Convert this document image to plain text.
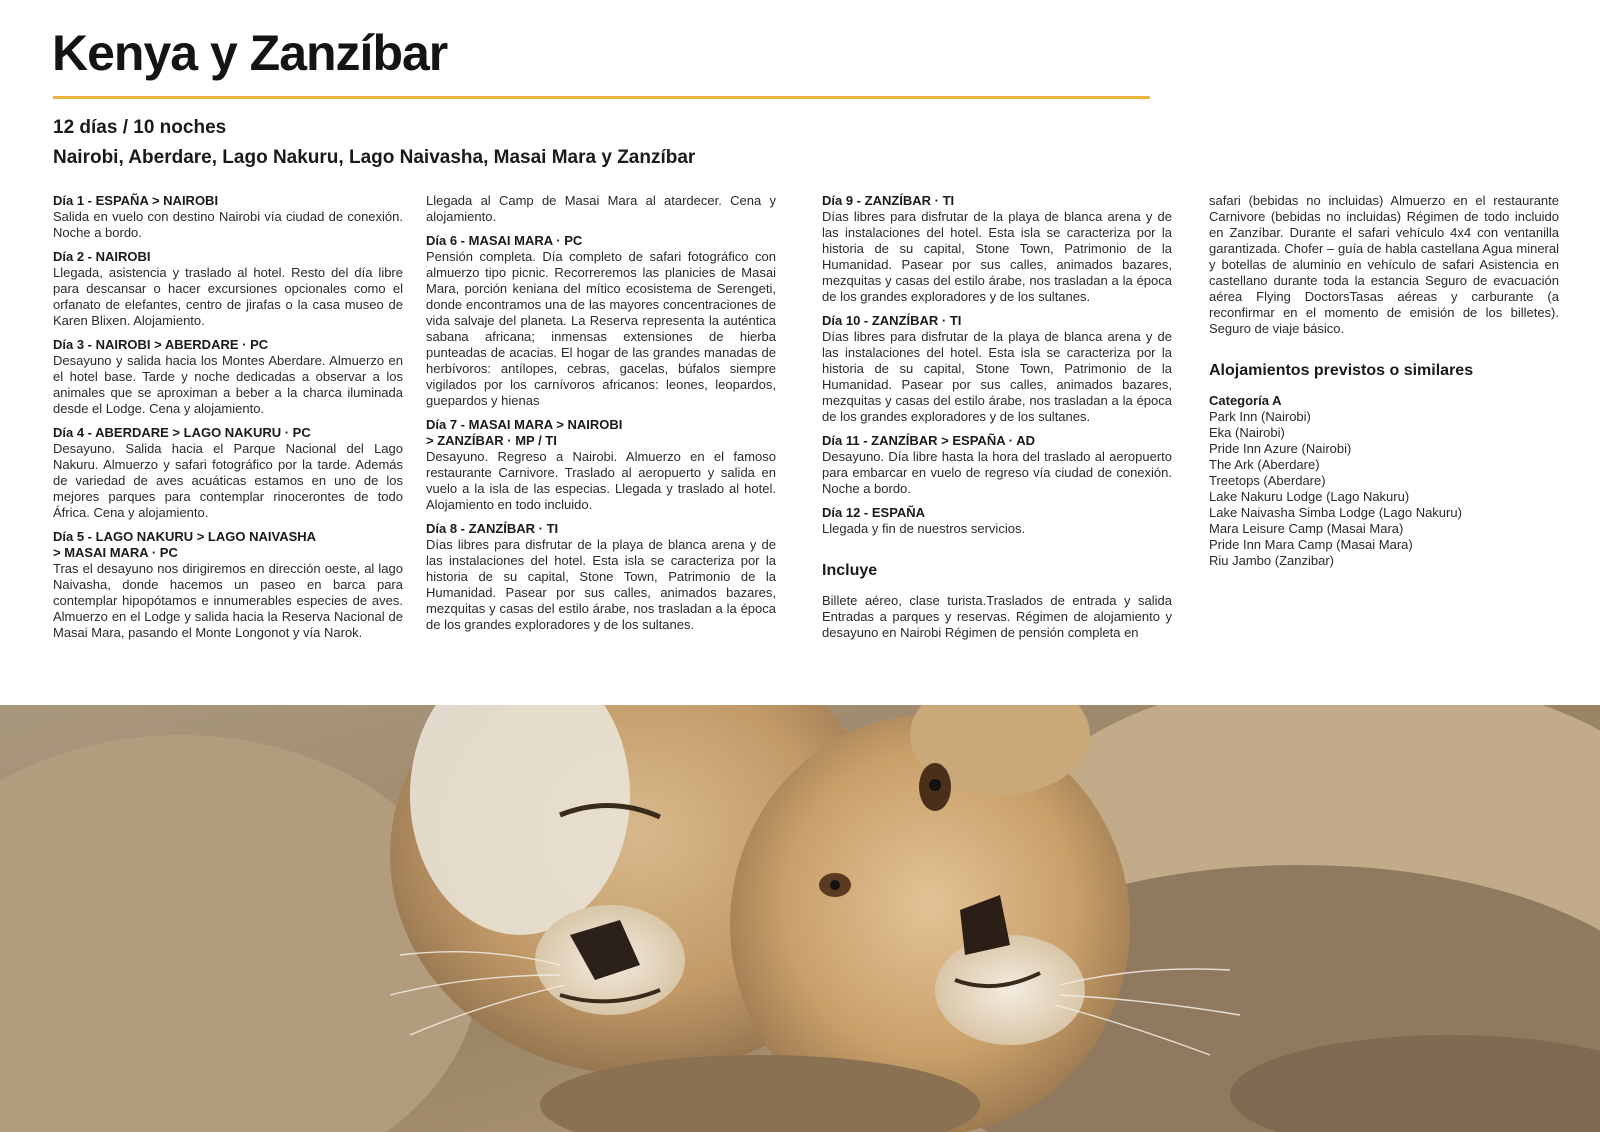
Kenya y Zanzíbar
12 días / 10 noches
Nairobi, Aberdare, Lago Nakuru, Lago Naivasha, Masai Mara y Zanzíbar
Día 1 - ESPAÑA > NAIROBI
Salida en vuelo con destino Nairobi vía ciudad de conexión. Noche a bordo.
Día 2 - NAIROBI
Llegada, asistencia y traslado al hotel. Resto del día libre para descansar o hacer excursiones opcionales como el orfanato de elefantes, centro de jirafas o la casa museo de Karen Blixen. Alojamiento.
Día 3 - NAIROBI > ABERDARE · PC
Desayuno y salida hacia los Montes Aberdare. Almuerzo en el hotel base. Tarde y noche dedicadas a observar a los animales que se aproximan a beber a la charca iluminada desde el Lodge. Cena y alojamiento.
Día 4 - ABERDARE > LAGO NAKURU · PC
Desayuno. Salida hacia el Parque Nacional del Lago Nakuru. Almuerzo y safari fotográfico por la tarde. Además de variedad de aves acuáticas estamos en uno de los mejores parques para contemplar rinocerontes de todo África. Cena y alojamiento.
Día 5 - LAGO NAKURU > LAGO NAIVASHA
> MASAI MARA · PC
Tras el desayuno nos dirigiremos en dirección oeste, al lago Naivasha, donde hacemos un paseo en barca para contemplar hipopótamos e innumerables especies de aves. Almuerzo en el Lodge y salida hacia la Reserva Nacional de Masai Mara, pasando el Monte Longonot y vía Narok.
Llegada al Camp de Masai Mara al atardecer. Cena y alojamiento.
Día 6 - MASAI MARA · PC
Pensión completa. Día completo de safari fotográfico con almuerzo tipo picnic. Recorreremos las planicies de Masai Mara, porción keniana del mítico ecosistema de Serengeti, donde encontramos una de las mayores concentraciones de vida salvaje del planeta. La Reserva representa la auténtica sabana africana; inmensas extensiones de hierba punteadas de acacias. El hogar de las grandes manadas de herbívoros: antílopes, cebras, gacelas, búfalos siempre vigilados por los carnívoros africanos: leones, leopardos, guepardos y hienas
Día 7 - MASAI MARA > NAIROBI
> ZANZÍBAR · MP / TI
Desayuno. Regreso a Nairobi. Almuerzo en el famoso restaurante Carnivore. Traslado al aeropuerto y salida en vuelo a la isla de las especias. Llegada y traslado al hotel. Alojamiento en todo incluido.
Día 8 - ZANZÍBAR · TI
Días libres para disfrutar de la playa de blanca arena y de las instalaciones del hotel. Esta isla se caracteriza por la historia de su capital, Stone Town, Patrimonio de la Humanidad. Pasear por sus calles, animados bazares, mezquitas y casas del estilo árabe, nos trasladan a la época de los grandes exploradores y de los sultanes.
Día 9 - ZANZÍBAR · TI
Días libres para disfrutar de la playa de blanca arena y de las instalaciones del hotel. Esta isla se caracteriza por la historia de su capital, Stone Town, Patrimonio de la Humanidad. Pasear por sus calles, animados bazares, mezquitas y casas del estilo árabe, nos trasladan a la época de los grandes exploradores y de los sultanes.
Día 10 - ZANZÍBAR · TI
Días libres para disfrutar de la playa de blanca arena y de las instalaciones del hotel. Esta isla se caracteriza por la historia de su capital, Stone Town, Patrimonio de la Humanidad. Pasear por sus calles, animados bazares, mezquitas y casas del estilo árabe, nos trasladan a la época de los grandes exploradores y de los sultanes.
Día 11 - ZANZÍBAR > ESPAÑA · AD
Desayuno. Día libre hasta la hora del traslado al aeropuerto para embarcar en vuelo de regreso vía ciudad de conexión. Noche a bordo.
Día 12 - ESPAÑA
Llegada y fin de nuestros servicios.
Incluye
Billete aéreo, clase turista.Traslados de entrada y salida Entradas a parques y reservas. Régimen de alojamiento y desayuno en Nairobi Régimen de pensión completa en
safari (bebidas no incluidas) Almuerzo en el restaurante Carnivore (bebidas no incluidas) Régimen de todo incluido en Zanzíbar. Durante el safari vehículo 4x4 con ventanilla garantizada. Chofer – guía de habla castellana Agua mineral y botellas de aluminio en vehículo de safari Asistencia en castellano durante toda la estancia Seguro de evacuación aérea Flying DoctorsTasas aéreas y carburante (a reconfirmar en el momento de emisión de los billetes). Seguro de viaje básico.
Alojamientos previstos o similares
Categoría A
Park Inn (Nairobi)
Eka (Nairobi)
Pride Inn Azure (Nairobi)
The Ark (Aberdare)
Treetops (Aberdare)
Lake Nakuru Lodge (Lago Nakuru)
Lake Naivasha Simba Lodge (Lago Nakuru)
Mara Leisure Camp (Masai Mara)
Pride Inn Mara Camp (Masai Mara)
Riu Jambo (Zanzibar)
